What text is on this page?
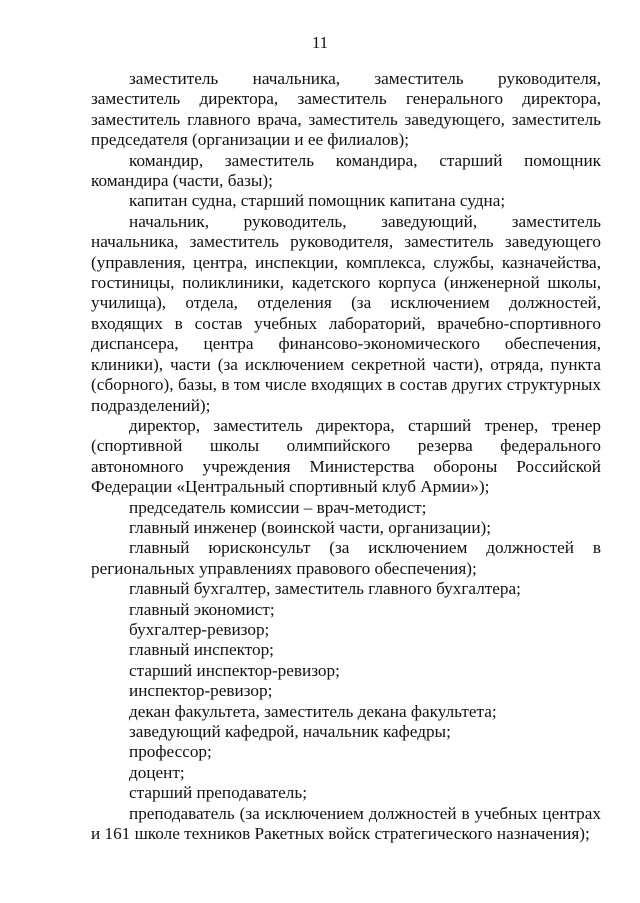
11

заместитель начальника, заместитель руководителя, заместитель директора, заместитель генерального директора, заместитель главного врача, заместитель заведующего, заместитель председателя (организации и ее филиалов);

командир, заместитель командира, старший помощник командира (части, базы);

капитан судна, старший помощник капитана судна;

начальник, руководитель, заведующий, заместитель начальника, заместитель руководителя, заместитель заведующего (управления, центра, инспекции, комплекса, службы, казначейства, гостиницы, поликлиники, кадетского корпуса (инженерной школы, училища), отдела, отделения (за исключением должностей, входящих в состав учебных лабораторий, врачебно-спортивного диспансера, центра финансово-экономического обеспечения, клиники), части (за исключением секретной части), отряда, пункта (сборного), базы, в том числе входящих в состав других структурных подразделений);

директор, заместитель директора, старший тренер, тренер (спортивной школы олимпийского резерва федерального автономного учреждения Министерства обороны Российской Федерации «Центральный спортивный клуб Армии»);

председатель комиссии – врач-методист;

главный инженер (воинской части, организации);

главный юрисконсульт (за исключением должностей в региональных управлениях правового обеспечения);

главный бухгалтер, заместитель главного бухгалтера;

главный экономист;

бухгалтер-ревизор;

главный инспектор;

старший инспектор-ревизор;

инспектор-ревизор;

декан факультета, заместитель декана факультета;

заведующий кафедрой, начальник кафедры;

профессор;

доцент;

старший преподаватель;

преподаватель (за исключением должностей в учебных центрах и 161 школе техников Ракетных войск стратегического назначения);
